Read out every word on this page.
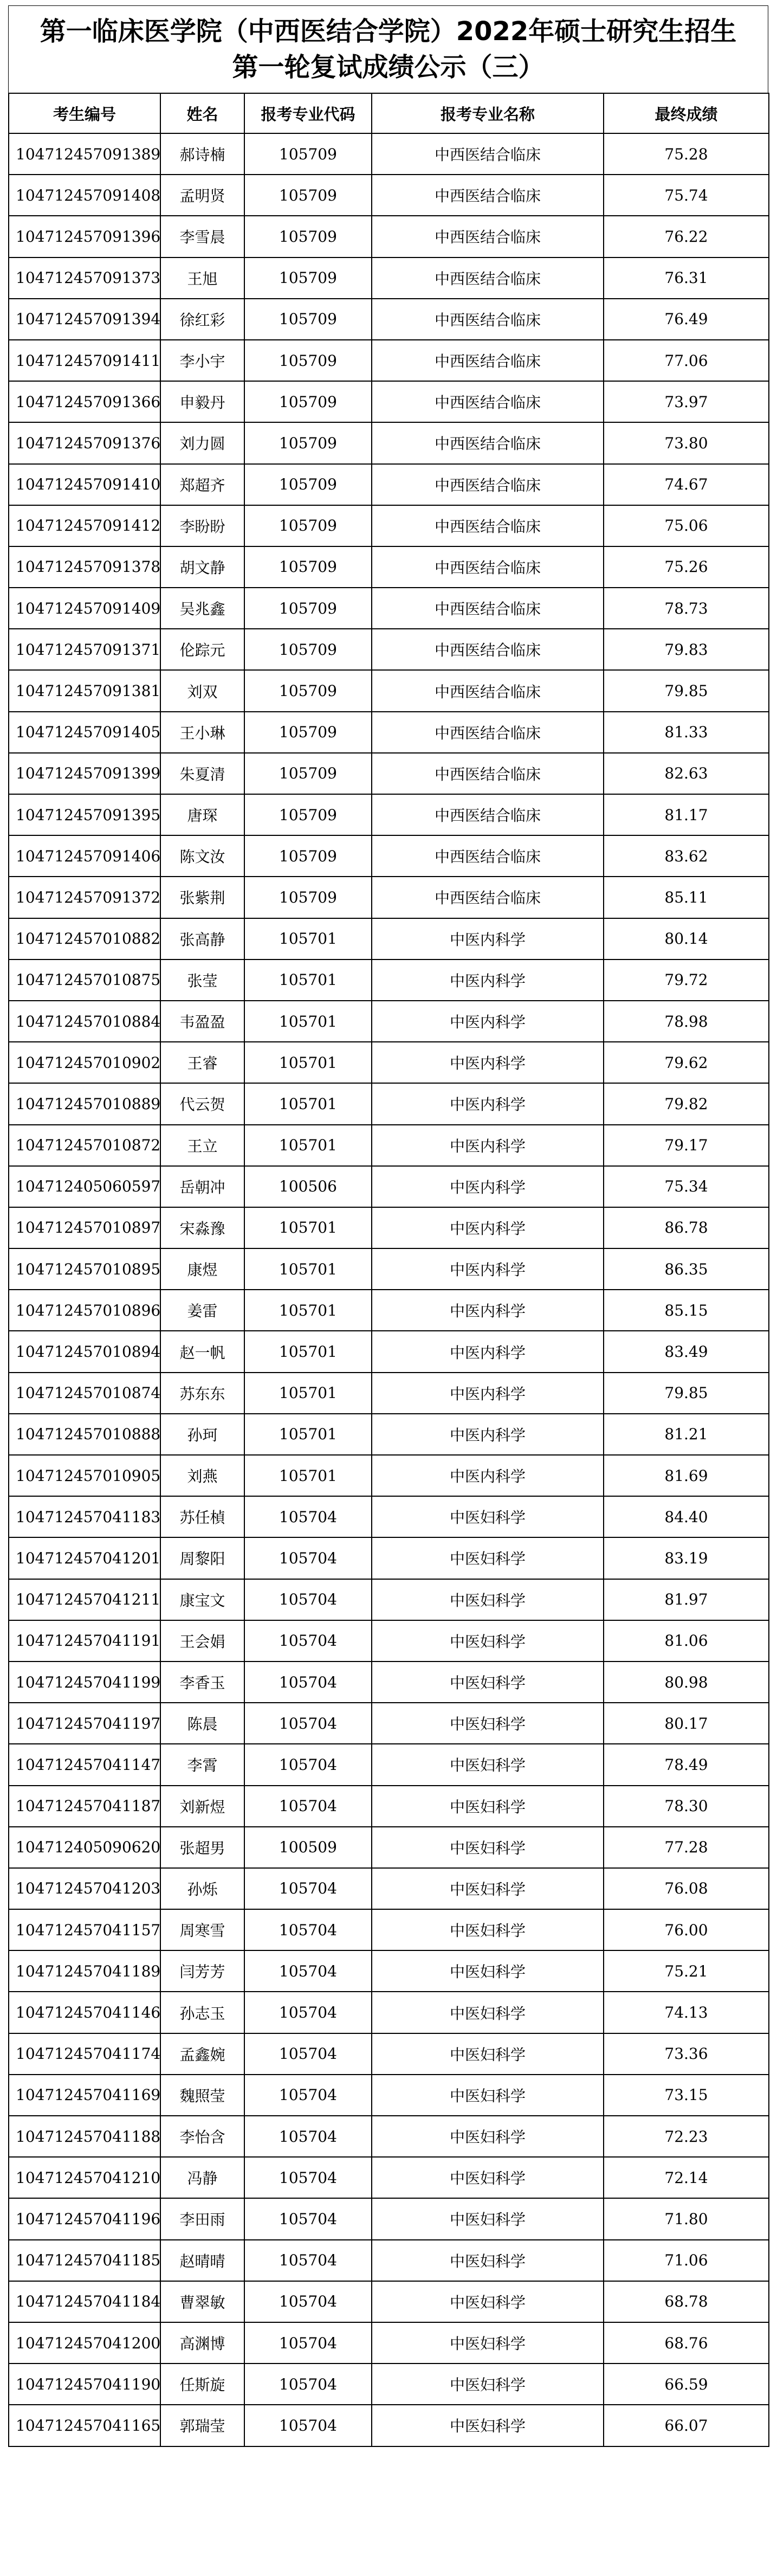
第一临床医学院（中西医结合学院）2022年硕士研究生招生
第一轮复试成绩公示（三）
考生编号	姓名	报考专业代码	报考专业名称	最终成绩
104712457091389	郝诗楠	105709	中西医结合临床	75.28
104712457091408	孟明贤	105709	中西医结合临床	75.74
104712457091396	李雪晨	105709	中西医结合临床	76.22
104712457091373	王旭	105709	中西医结合临床	76.31
104712457091394	徐红彩	105709	中西医结合临床	76.49
104712457091411	李小宇	105709	中西医结合临床	77.06
104712457091366	申毅丹	105709	中西医结合临床	73.97
104712457091376	刘力圆	105709	中西医结合临床	73.80
104712457091410	郑超齐	105709	中西医结合临床	74.67
104712457091412	李盼盼	105709	中西医结合临床	75.06
104712457091378	胡文静	105709	中西医结合临床	75.26
104712457091409	吴兆鑫	105709	中西医结合临床	78.73
104712457091371	伦踪元	105709	中西医结合临床	79.83
104712457091381	刘双	105709	中西医结合临床	79.85
104712457091405	王小琳	105709	中西医结合临床	81.33
104712457091399	朱夏清	105709	中西医结合临床	82.63
104712457091395	唐琛	105709	中西医结合临床	81.17
104712457091406	陈文汝	105709	中西医结合临床	83.62
104712457091372	张紫荆	105709	中西医结合临床	85.11
104712457010882	张高静	105701	中医内科学	80.14
104712457010875	张莹	105701	中医内科学	79.72
104712457010884	韦盈盈	105701	中医内科学	78.98
104712457010902	王睿	105701	中医内科学	79.62
104712457010889	代云贺	105701	中医内科学	79.82
104712457010872	王立	105701	中医内科学	79.17
104712405060597	岳朝冲	100506	中医内科学	75.34
104712457010897	宋淼豫	105701	中医内科学	86.78
104712457010895	康煜	105701	中医内科学	86.35
104712457010896	姜雷	105701	中医内科学	85.15
104712457010894	赵一帆	105701	中医内科学	83.49
104712457010874	苏东东	105701	中医内科学	79.85
104712457010888	孙珂	105701	中医内科学	81.21
104712457010905	刘燕	105701	中医内科学	81.69
104712457041183	苏任楨	105704	中医妇科学	84.40
104712457041201	周黎阳	105704	中医妇科学	83.19
104712457041211	康宝文	105704	中医妇科学	81.97
104712457041191	王会娟	105704	中医妇科学	81.06
104712457041199	李香玉	105704	中医妇科学	80.98
104712457041197	陈晨	105704	中医妇科学	80.17
104712457041147	李霄	105704	中医妇科学	78.49
104712457041187	刘新煜	105704	中医妇科学	78.30
104712405090620	张超男	100509	中医妇科学	77.28
104712457041203	孙烁	105704	中医妇科学	76.08
104712457041157	周寒雪	105704	中医妇科学	76.00
104712457041189	闫芳芳	105704	中医妇科学	75.21
104712457041146	孙志玉	105704	中医妇科学	74.13
104712457041174	孟鑫婉	105704	中医妇科学	73.36
104712457041169	魏照莹	105704	中医妇科学	73.15
104712457041188	李怡含	105704	中医妇科学	72.23
104712457041210	冯静	105704	中医妇科学	72.14
104712457041196	李田雨	105704	中医妇科学	71.80
104712457041185	赵晴晴	105704	中医妇科学	71.06
104712457041184	曹翠敏	105704	中医妇科学	68.78
104712457041200	高渊博	105704	中医妇科学	68.76
104712457041190	任斯旋	105704	中医妇科学	66.59
104712457041165	郭瑞莹	105704	中医妇科学	66.07
